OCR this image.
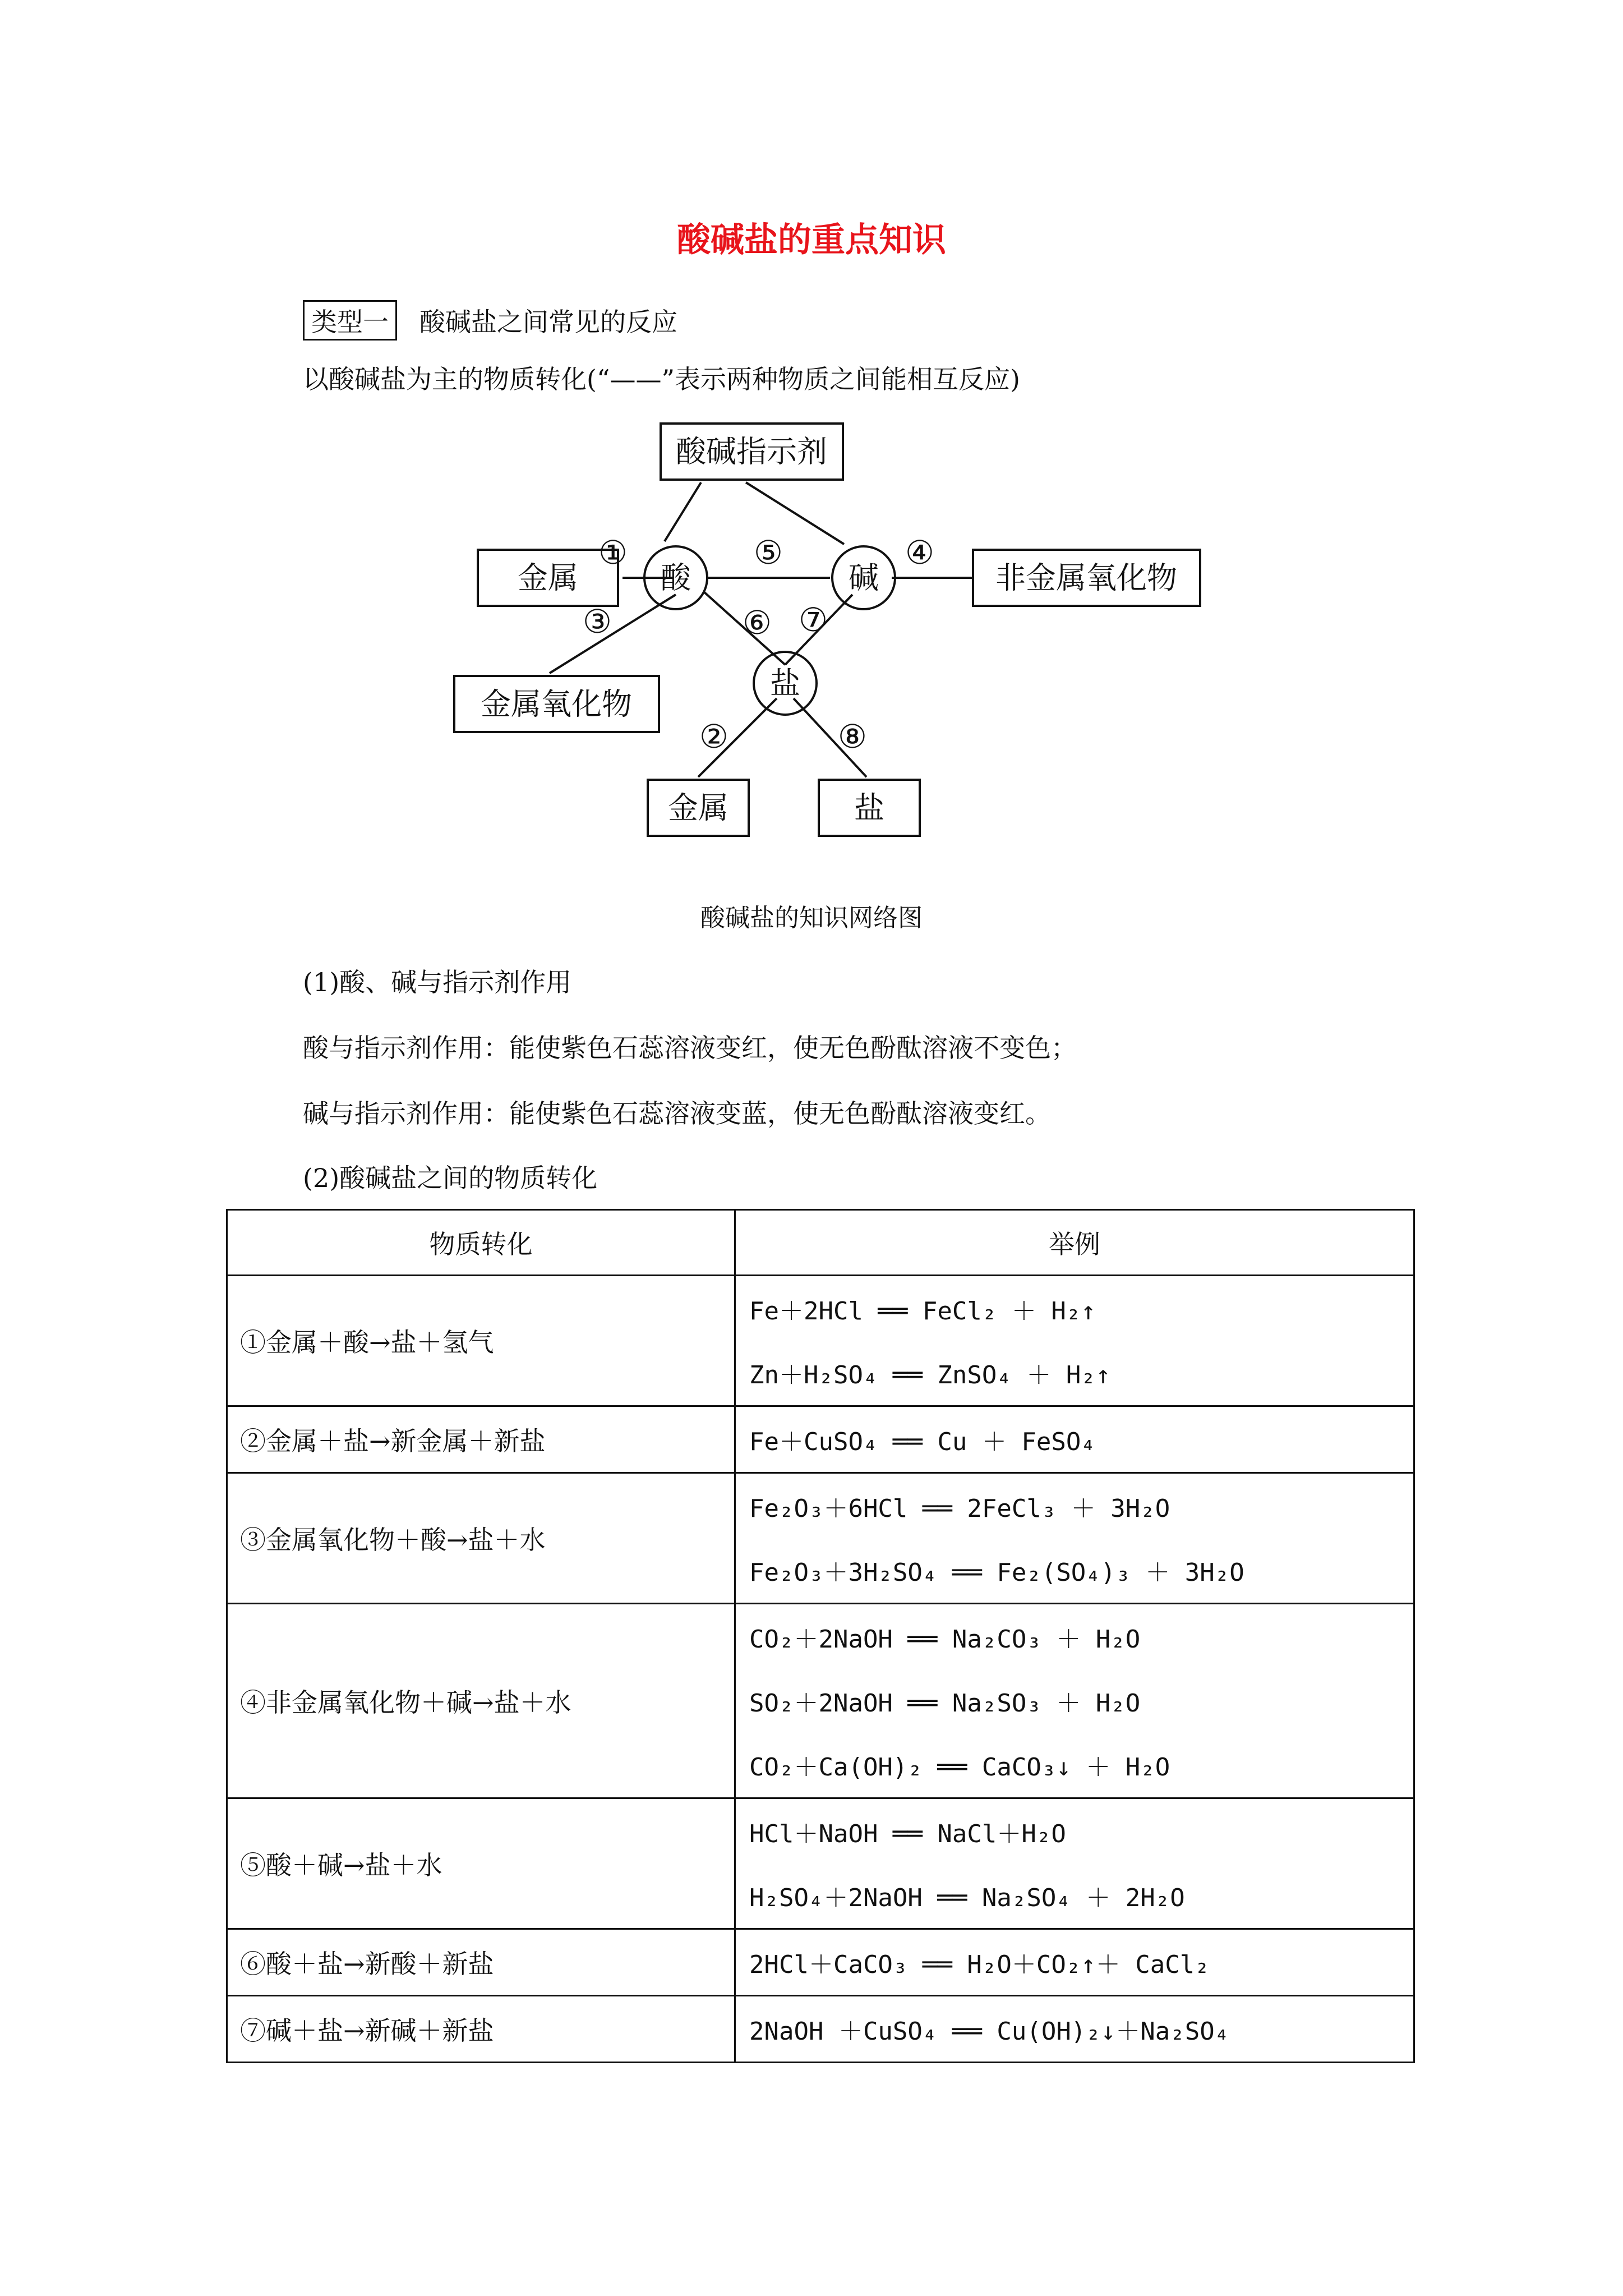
酸碱盐的重点知识
类型一 酸碱盐之间常见的反应
以酸碱盐为主的物质转化(“——”表示两种物质之间能相互反应)
酸碱指示剂
金属	酸	碱	非金属氧化物
金属氧化物
盐
金属	盐
①
②
③
④
⑤
⑥ ⑦
⑧
酸碱盐的知识网络图
(1)酸、碱与指示剂作用
酸与指示剂作用：能使紫色石蕊溶液变红，使无色酚酞溶液不变色；
碱与指示剂作用：能使紫色石蕊溶液变蓝，使无色酚酞溶液变红。
(2)酸碱盐之间的物质转化
物质转化	举例
①金属＋酸→盐＋氢气	Fe＋2HCl ══ FeCl₂ ＋ H₂↑
Zn＋H₂SO₄ ══ ZnSO₄ ＋ H₂↑

②金属＋盐→新金属＋新盐	Fe＋CuSO₄ ══ Cu ＋ FeSO₄

③金属氧化物＋酸→盐＋水	Fe₂O₃＋6HCl ══ 2FeCl₃ ＋ 3H₂O
Fe₂O₃＋3H₂SO₄ ══ Fe₂(SO₄)₃ ＋ 3H₂O

④非金属氧化物＋碱→盐＋水	CO₂＋2NaOH ══ Na₂CO₃ ＋ H₂O
SO₂＋2NaOH ══ Na₂SO₃ ＋ H₂O
CO₂＋Ca(OH)₂ ══ CaCO₃↓ ＋ H₂O

⑤酸＋碱→盐＋水	HCl＋NaOH ══ NaCl＋H₂O
H₂SO₄＋2NaOH ══ Na₂SO₄ ＋ 2H₂O

⑥酸＋盐→新酸＋新盐	2HCl＋CaCO₃ ══ H₂O＋CO₂↑＋ CaCl₂

⑦碱＋盐→新碱＋新盐	2NaOH ＋CuSO₄ ══ Cu(OH)₂↓＋Na₂SO₄
